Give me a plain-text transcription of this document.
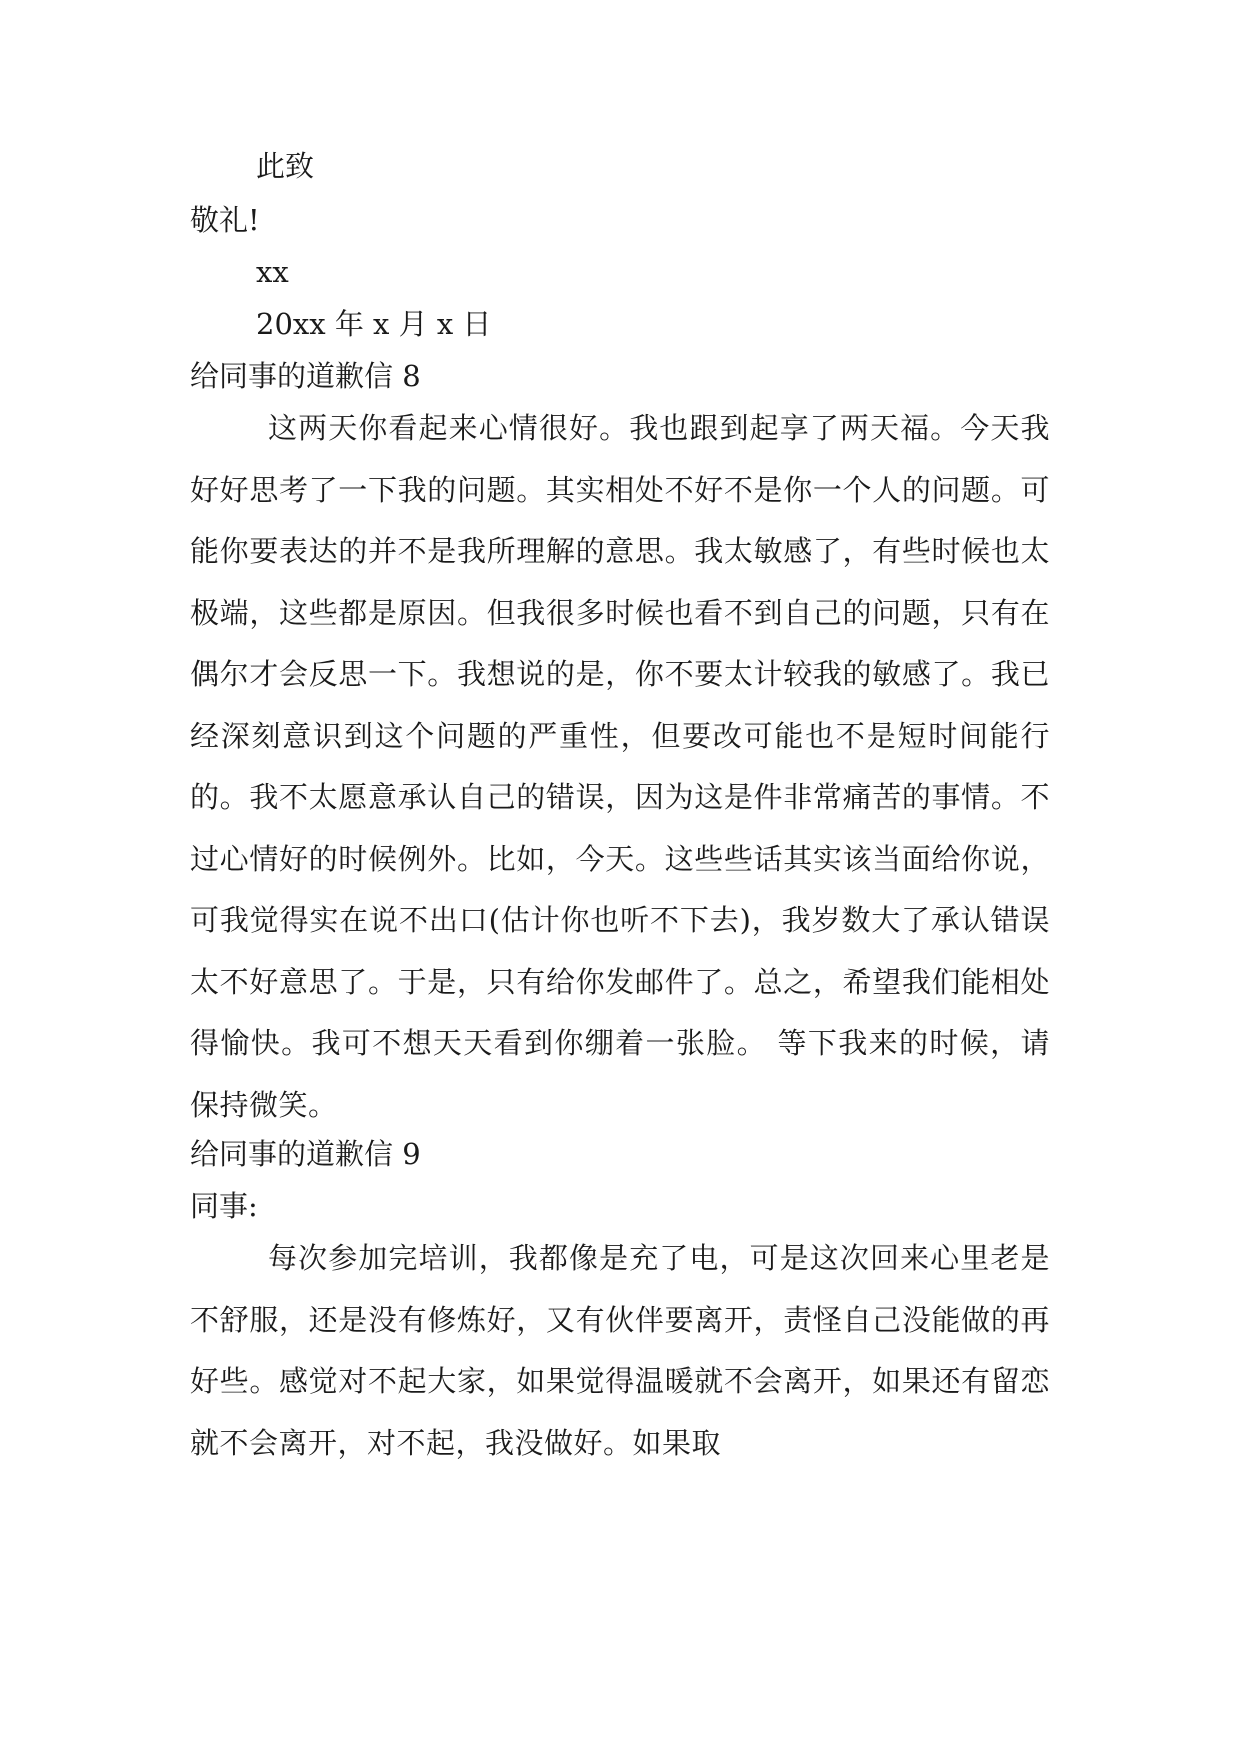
此致
敬礼!
xx
20xx 年 x 月 x 日
给同事的道歉信 8
这两天你看起来心情很好。我也跟到起享了两天福。今天我好好思考了一下我的问题。其实相处不好不是你一个人的问题。可能你要表达的并不是我所理解的意思。我太敏感了，有些时候也太极端，这些都是原因。但我很多时候也看不到自己的问题，只有在偶尔才会反思一下。我想说的是，你不要太计较我的敏感了。我已经深刻意识到这个问题的严重性，但要改可能也不是短时间能行的。我不太愿意承认自己的错误，因为这是件非常痛苦的事情。不过心情好的时候例外。比如，今天。这些些话其实该当面给你说，可我觉得实在说不出口(估计你也听不下去)，我岁数大了承认错误太不好意思了。于是，只有给你发邮件了。总之，希望我们能相处得愉快。我可不想天天看到你绷着一张脸。 等下我来的时候，请保持微笑。
给同事的道歉信 9
同事:
每次参加完培训，我都像是充了电，可是这次回来心里老是不舒服，还是没有修炼好，又有伙伴要离开，责怪自己没能做的再好些。感觉对不起大家，如果觉得温暖就不会离开，如果还有留恋就不会离开，对不起，我没做好。如果取
